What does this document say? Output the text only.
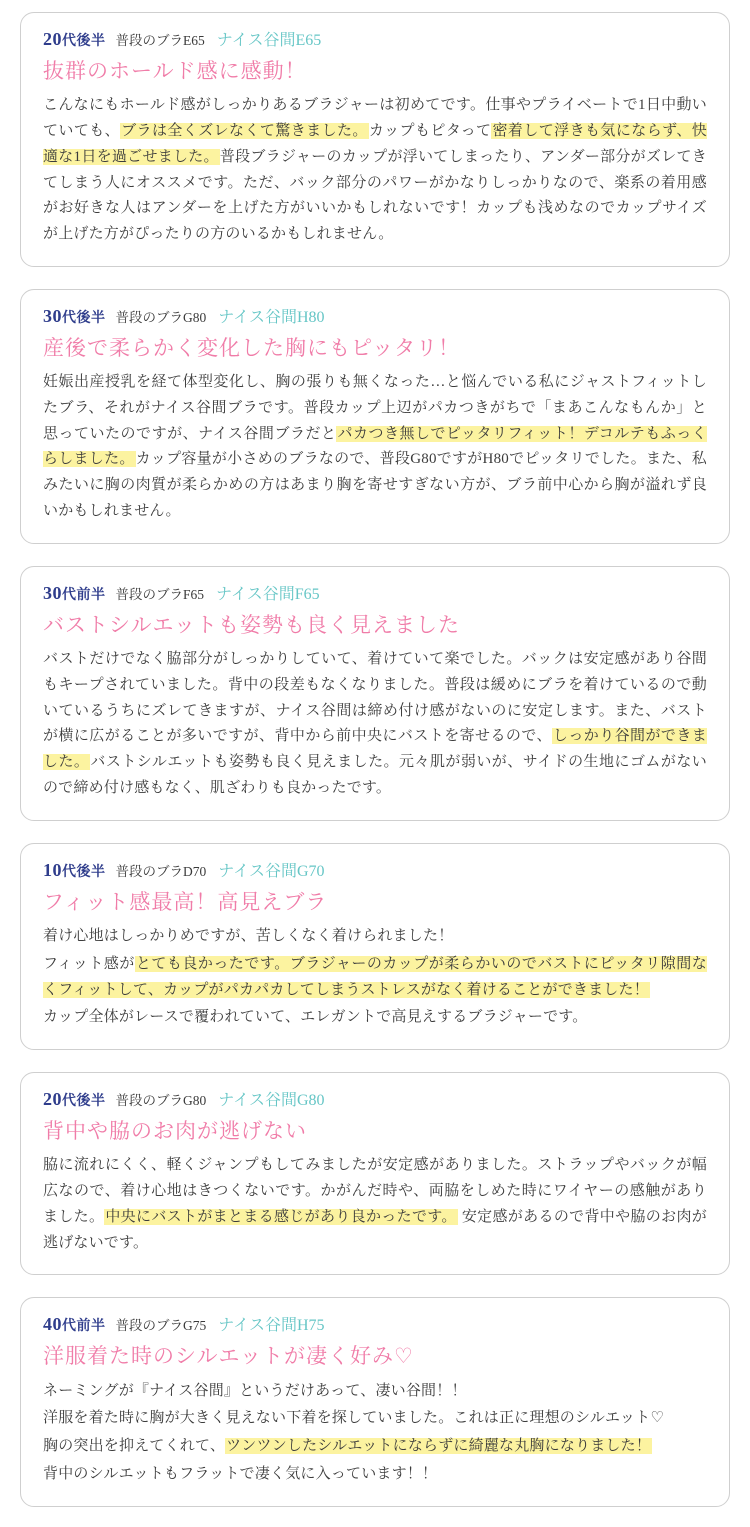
20代後半 普段のブラE65 ナイス谷間E65
抜群のホールド感に感動！

こんなにもホールド感がしっかりあるブラジャーは初めてです。仕事やプライベートで1日中動いていても、ブラは全くズレなくて驚きました。カップもピタって密着して浮きも気にならず、快適な1日を過ごせました。普段ブラジャーのカップが浮いてしまったり、アンダー部分がズレてきてしまう人にオススメです。ただ、バック部分のパワーがかなりしっかりなので、楽系の着用感がお好きな人はアンダーを上げた方がいいかもしれないです！カップも浅めなのでカップサイズが上げた方がぴったりの方のいるかもしれません。

30代後半 普段のブラG80 ナイス谷間H80
産後で柔らかく変化した胸にもピッタリ！

妊娠出産授乳を経て体型変化し、胸の張りも無くなった…と悩んでいる私にジャストフィットしたブラ、それがナイス谷間ブラです。普段カップ上辺がパカつきがちで「まあこんなもんか」と思っていたのですが、ナイス谷間ブラだとパカつき無しでピッタリフィット！デコルテもふっくらしました。カップ容量が小さめのブラなので、普段G80ですがH80でピッタリでした。また、私みたいに胸の肉質が柔らかめの方はあまり胸を寄せすぎない方が、ブラ前中心から胸が溢れず良いかもしれません。

30代前半 普段のブラF65 ナイス谷間F65
バストシルエットも姿勢も良く見えました

バストだけでなく脇部分がしっかりしていて、着けていて楽でした。バックは安定感があり谷間もキープされていました。背中の段差もなくなりました。普段は緩めにブラを着けているので動いているうちにズレてきますが、ナイス谷間は締め付け感がないのに安定します。また、バストが横に広がることが多いですが、背中から前中央にバストを寄せるので、しっかり谷間ができました。バストシルエットも姿勢も良く見えました。元々肌が弱いが、サイドの生地にゴムがないので締め付け感もなく、肌ざわりも良かったです。

10代後半 普段のブラD70 ナイス谷間G70
フィット感最高！高見えブラ

着け心地はしっかりめですが、苦しくなく着けられました！

フィット感がとても良かったです。ブラジャーのカップが柔らかいのでバストにピッタリ隙間なくフィットして、カップがパカパカしてしまうストレスがなく着けることができました！

カップ全体がレースで覆われていて、エレガントで高見えするブラジャーです。

20代後半 普段のブラG80 ナイス谷間G80
背中や脇のお肉が逃げない

脇に流れにくく、軽くジャンプもしてみましたが安定感がありました。ストラップやバックが幅広なので、着け心地はきつくないです。かがんだ時や、両脇をしめた時にワイヤーの感触がありました。中央にバストがまとまる感じがあり良かったです。 安定感があるので背中や脇のお肉が逃げないです。

40代前半 普段のブラG75 ナイス谷間H75
洋服着た時のシルエットが凄く好み♡

ネーミングが『ナイス谷間』というだけあって、凄い谷間！！

洋服を着た時に胸が大きく見えない下着を探していました。これは正に理想のシルエット♡

胸の突出を抑えてくれて、ツンツンしたシルエットにならずに綺麗な丸胸になりました！

背中のシルエットもフラットで凄く気に入っています！！
